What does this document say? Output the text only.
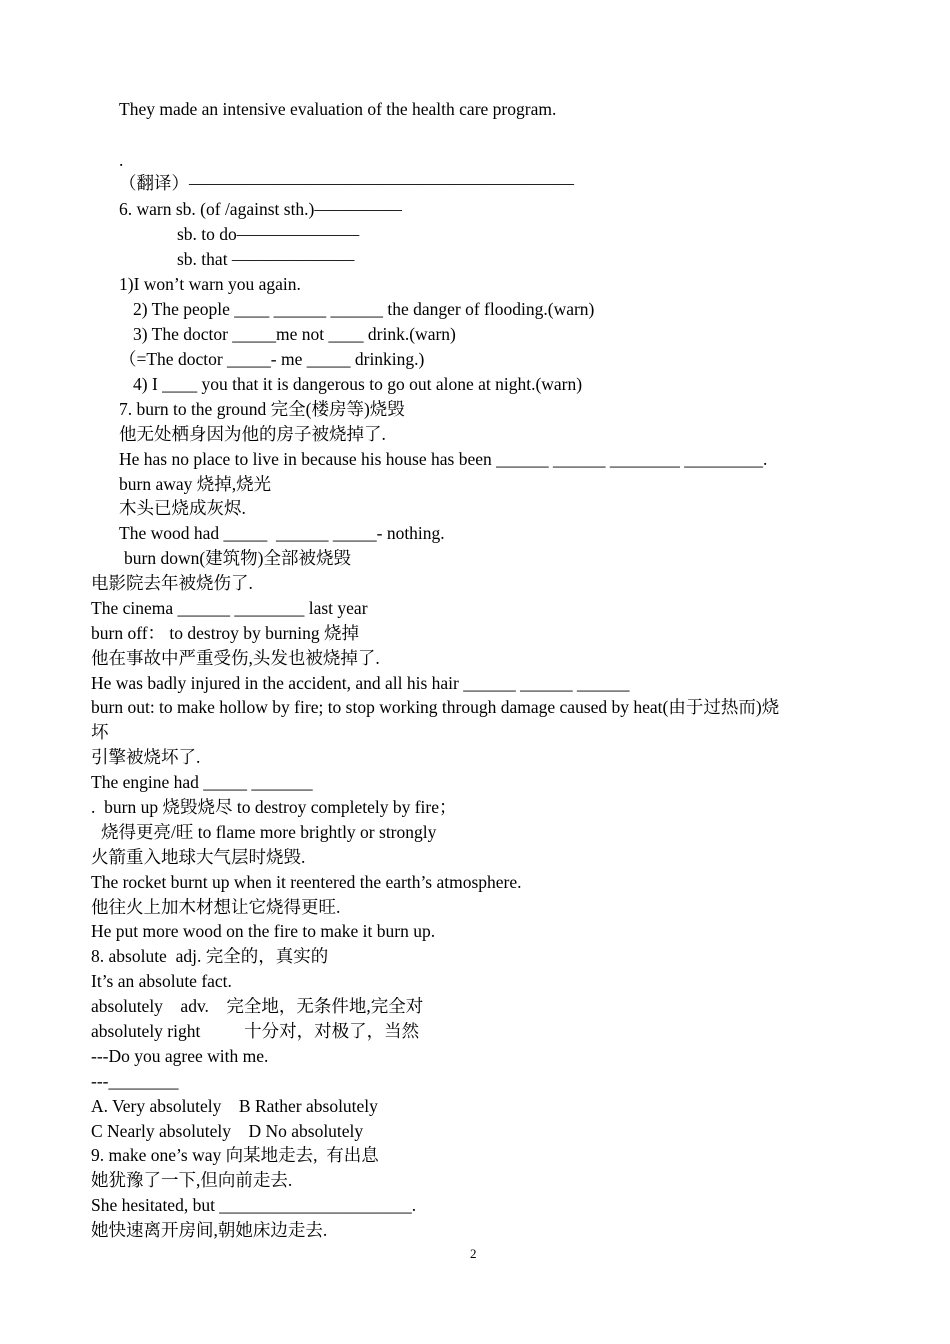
They made an intensive evaluation of the health care program.
.
（翻译）——————————————————————
6. warn sb. (of /against sth.)—————
sb. to do———————
sb. that ———————
1)I won’t warn you again.
2) The people ____ ______ ______ the danger of flooding.(warn)
3) The doctor _____me not ____ drink.(warn)
（=The doctor _____- me _____ drinking.)
4) I ____ you that it is dangerous to go out alone at night.(warn)
7. burn to the ground 完全(楼房等)烧毁
他无处栖身因为他的房子被烧掉了.
He has no place to live in because his house has been ______ ______ ________ _________.
burn away 烧掉,烧光
木头已烧成灰烬.
The wood had _____  ______ _____- nothing.
burn down(建筑物)全部被烧毁
电影院去年被烧伤了.
The cinema ______ ________ last year
burn off： to destroy by burning 烧掉
他在事故中严重受伤,头发也被烧掉了.
He was badly injured in the accident, and all his hair ______ ______ ______
burn out: to make hollow by fire; to stop working through damage caused by heat(由于过热而)烧
坏
引擎被烧坏了.
The engine had _____ _______
.  burn up 烧毁烧尽 to destroy completely by fire；
烧得更亮/旺 to flame more brightly or strongly
火箭重入地球大气层时烧毁.
The rocket burnt up when it reentered the earth’s atmosphere.
他往火上加木材想让它烧得更旺.
He put more wood on the fire to make it burn up.
8. absolute  adj. 完全的，真实的
It’s an absolute fact.
absolutely    adv.    完全地，无条件地,完全对
absolutely right          十分对，对极了，当然
---Do you agree with me.
---________
A. Very absolutely    B Rather absolutely
C Nearly absolutely    D No absolutely
9. make one’s way 向某地走去,  有出息
她犹豫了一下,但向前走去.
She hesitated, but ______________________.
她快速离开房间,朝她床边走去.
2
